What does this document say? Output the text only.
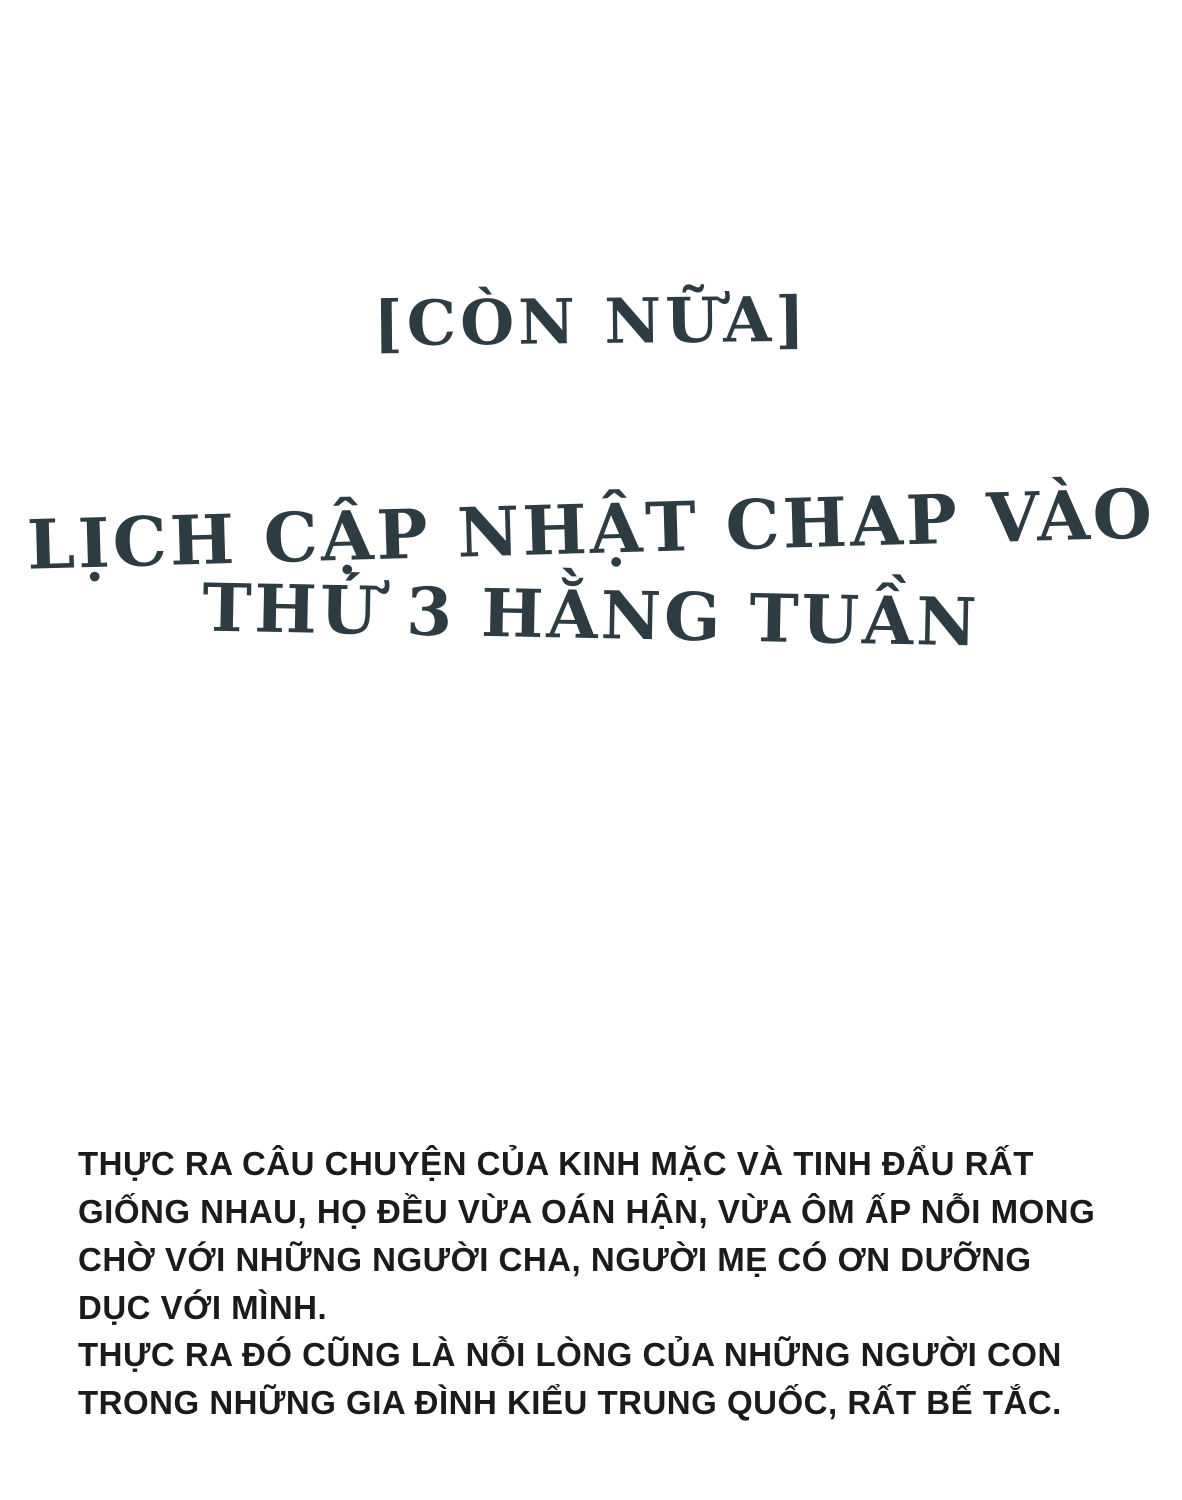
[CÒN NỮA]
LỊCH CẬP NHẬT CHAP VÀO
THỨ 3 HẰNG TUẦN

THỰC RA CÂU CHUYỆN CỦA KINH MẶC VÀ TINH ĐẨU RẤT GIỐNG NHAU, HỌ ĐỀU VỪA OÁN HẬN, VỪA ÔM ẤP NỖI MONG CHỜ VỚI NHỮNG NGƯỜI CHA, NGƯỜI MẸ CÓ ƠN DƯỠNG DỤC VỚI MÌNH.

THỰC RA ĐÓ CŨNG LÀ NỖI LÒNG CỦA NHỮNG NGƯỜI CON TRONG NHỮNG GIA ĐÌNH KIỂU TRUNG QUỐC, RẤT BẾ TẮC.
